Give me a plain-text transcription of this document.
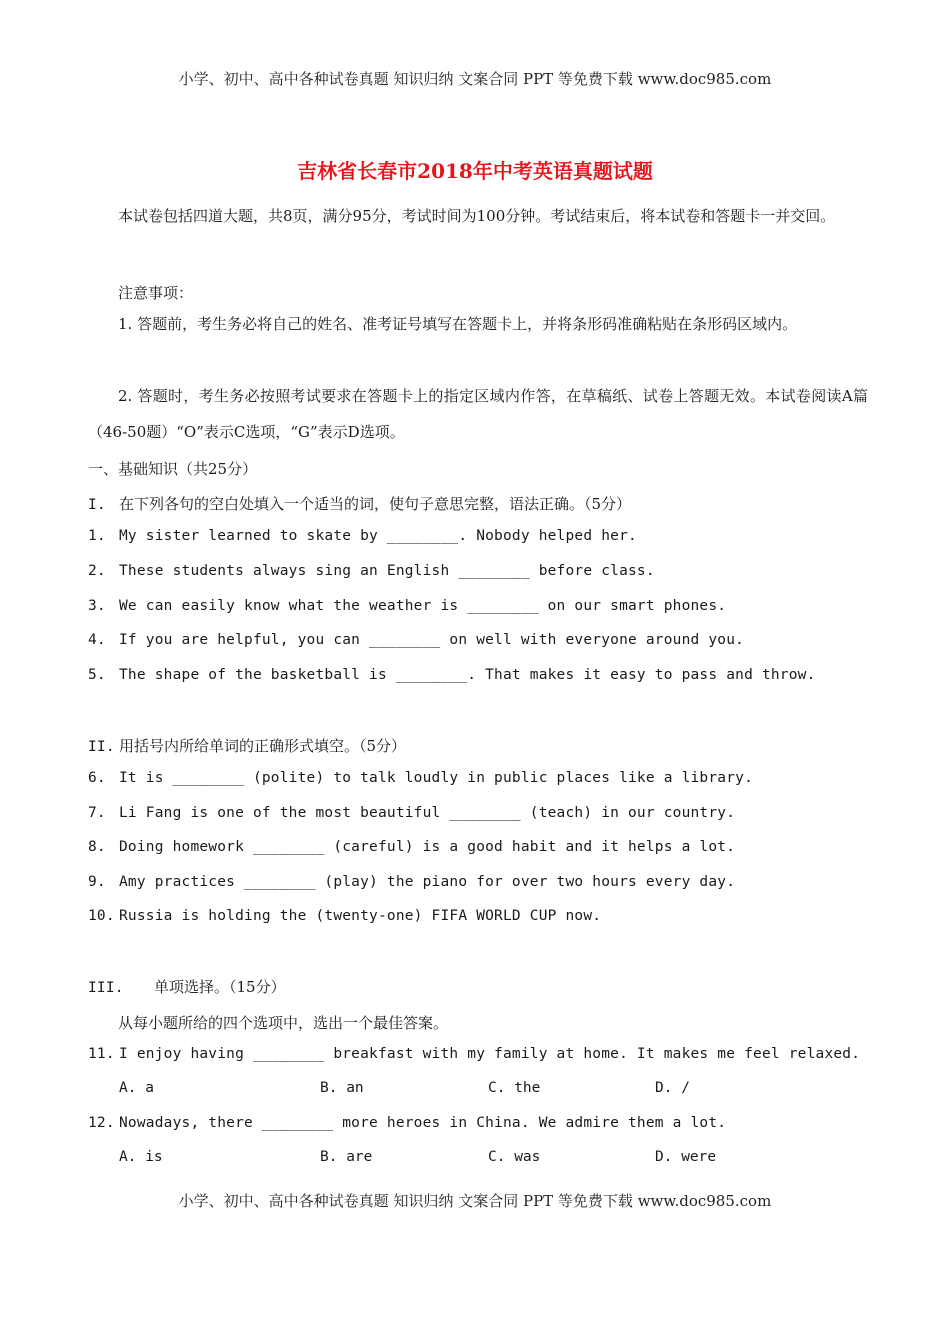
小学、初中、高中各种试卷真题 知识归纳 文案合同 PPT 等免费下载 www.doc985.com
吉林省长春市2018年中考英语真题试题
本试卷包括四道大题，共8页，满分95分，考试时间为100分钟。考试结束后，将本试卷和答题卡一并交回。
注意事项：
1. 答题前，考生务必将自己的姓名、准考证号填写在答题卡上，并将条形码准确粘贴在条形码区域内。
2. 答题时，考生务必按照考试要求在答题卡上的指定区域内作答，在草稿纸、试卷上答题无效。本试卷阅读A篇（46-50题）“O”表示C选项，“G”表示D选项。
一、基础知识（共25分）
I. 在下列各句的空白处填入一个适当的词，使句子意思完整，语法正确。（5分）
1. My sister learned to skate by ________. Nobody helped her.
2. These students always sing an English ________ before class.
3. We can easily know what the weather is ________ on our smart phones.
4. If you are helpful, you can ________ on well with everyone around you.
5. The shape of the basketball is ________. That makes it easy to pass and throw.
II. 用括号内所给单词的正确形式填空。（5分）
6. It is ________ (polite) to talk loudly in public places like a library.
7. Li Fang is one of the most beautiful ________ (teach) in our country.
8. Doing homework ________ (careful) is a good habit and it helps a lot.
9. Amy practices ________ (play) the piano for over two hours every day.
10. Russia is holding the (twenty-one) FIFA WORLD CUP now.
III. 单项选择。（15分）
从每小题所给的四个选项中，选出一个最佳答案。
11. I enjoy having ________ breakfast with my family at home. It makes me feel relaxed.
A. a	B. an	C. the	D. /
12. Nowadays, there ________ more heroes in China. We admire them a lot.
A. is	B. are	C. was	D. were
小学、初中、高中各种试卷真题 知识归纳 文案合同 PPT 等免费下载 www.doc985.com
